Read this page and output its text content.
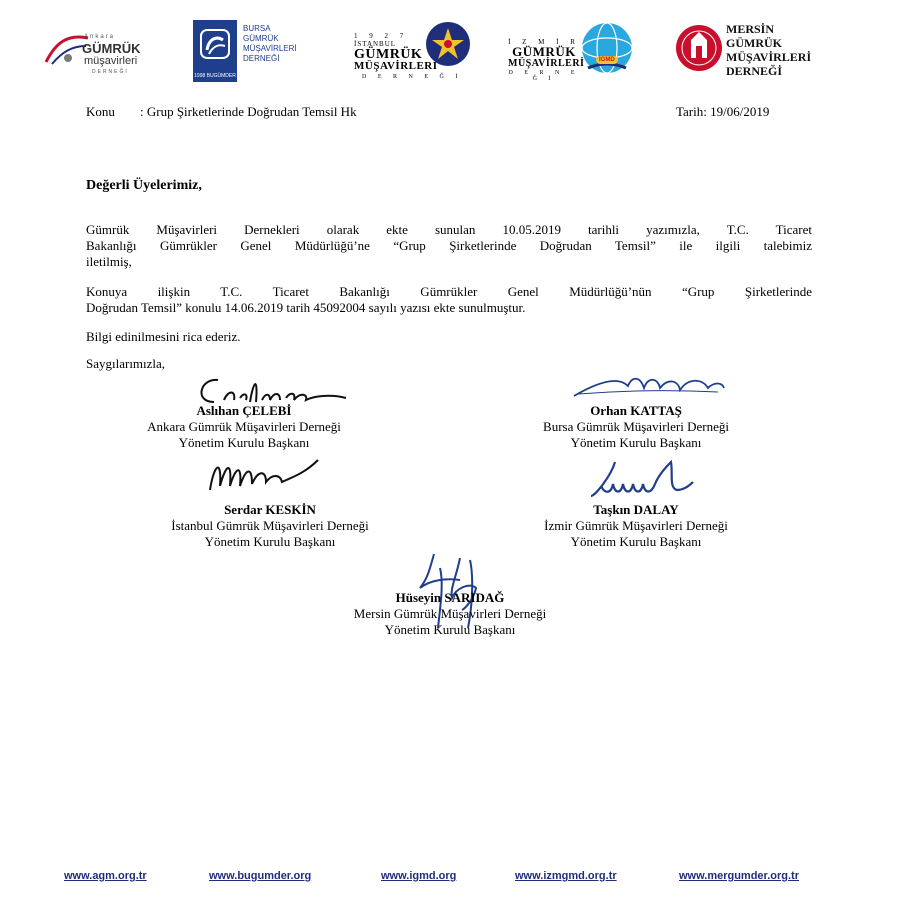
Ankara
GÜMRÜK
müşavirleri
DERNEĞİ
1998 BUGÜMDER
BURSA
GÜMRÜK
MÜŞAVİRLERİ
DERNEĞİ
1 9 2 7
İSTANBUL
GÜMRÜK
MÜŞAVİRLERİ
D E R N E Ğ İ
İ Z M İ R
GÜMRÜK
MÜŞAVİRLERİ
D E R N E Ğ İ
İGMD
MERSİN
GÜMRÜK
MÜŞAVİRLERİ
DERNEĞİ
Konu : Grup Şirketlerinde Doğrudan Temsil Hk	Tarih: 19/06/2019
Değerli Üyelerimiz,
Gümrük Müşavirleri Dernekleri olarak ekte sunulan 10.05.2019 tarihli yazımızla, T.C. Ticaret
Bakanlığı Gümrükler Genel Müdürlüğü’ne “Grup Şirketlerinde Doğrudan Temsil” ile ilgili talebimiz
iletilmiş,
Konuya ilişkin T.C. Ticaret Bakanlığı Gümrükler Genel Müdürlüğü’nün “Grup Şirketlerinde
Doğrudan Temsil” konulu 14.06.2019 tarih 45092004 sayılı yazısı ekte sunulmuştur.
Bilgi edinilmesini rica ederiz.
Saygılarımızla,
Aslıhan ÇELEBİ
Ankara Gümrük Müşavirleri Derneği
Yönetim Kurulu Başkanı
Orhan KATTAŞ
Bursa Gümrük Müşavirleri Derneği
Yönetim Kurulu Başkanı
Serdar KESKİN
İstanbul Gümrük Müşavirleri Derneği
Yönetim Kurulu Başkanı
Taşkın DALAY
İzmir Gümrük Müşavirleri Derneği
Yönetim Kurulu Başkanı
Hüseyin SARIDAĞ
Mersin Gümrük Müşavirleri Derneği
Yönetim Kurulu Başkanı
www.agm.org.tr	www.bugumder.org	www.igmd.org	www.izmgmd.org.tr	www.mergumder.org.tr
